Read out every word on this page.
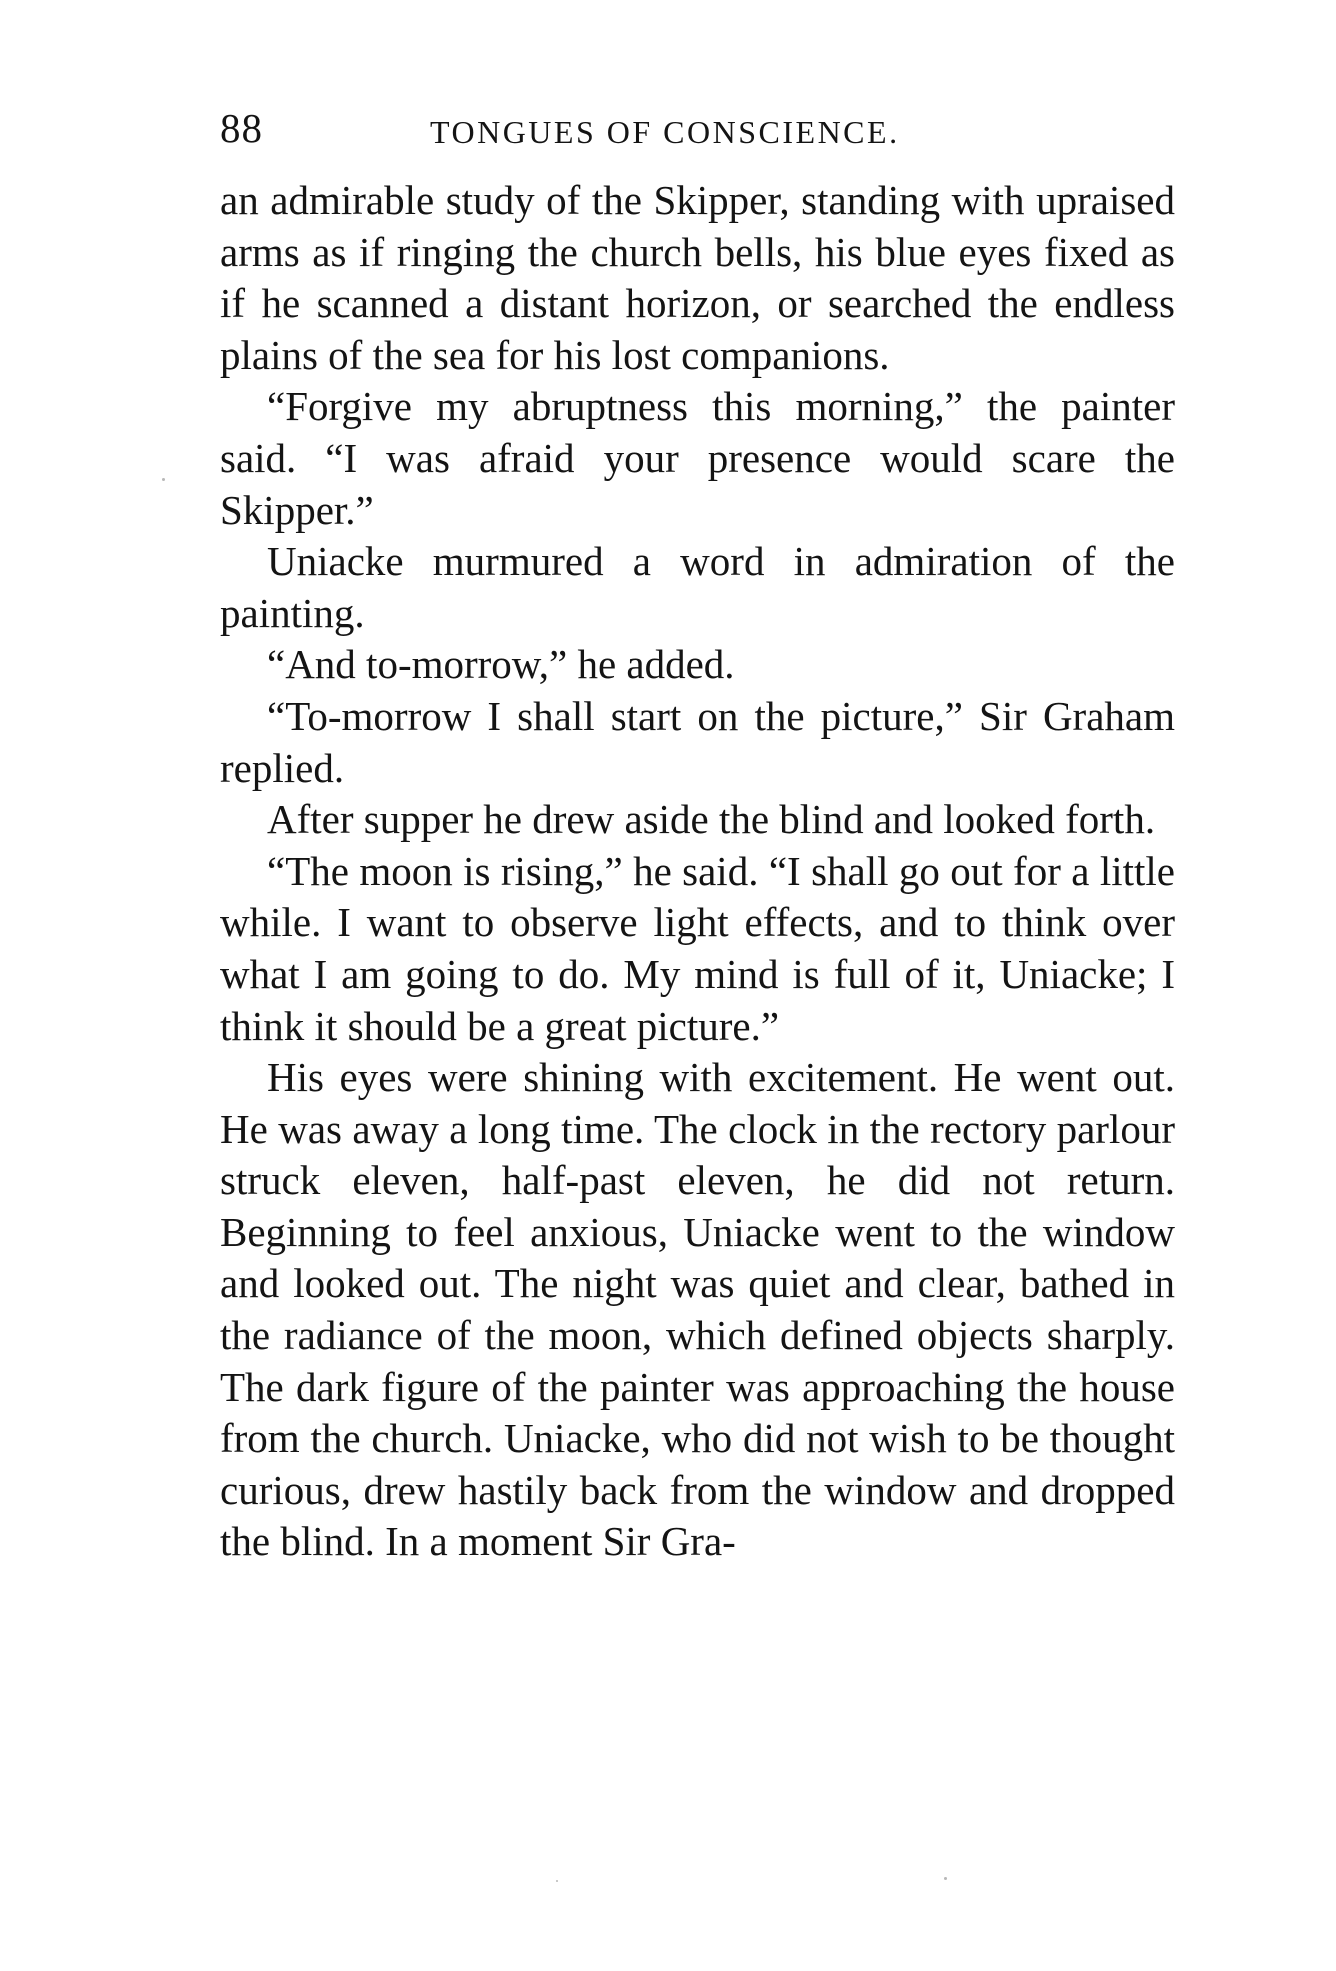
88	TONGUES OF CONSCIENCE.

an admirable study of the Skipper, standing with upraised arms as if ringing the church bells, his blue eyes fixed as if he scanned a distant horizon, or searched the endless plains of the sea for his lost companions.

“Forgive my abruptness this morning,” the painter said. “I was afraid your presence would scare the Skipper.”

Uniacke murmured a word in admiration of the painting.

“And to-morrow,” he added.

“To-morrow I shall start on the picture,” Sir Graham replied.

After supper he drew aside the blind and looked forth.

“The moon is rising,” he said. “I shall go out for a little while. I want to observe light effects, and to think over what I am going to do. My mind is full of it, Uniacke; I think it should be a great picture.”

His eyes were shining with excitement. He went out. He was away a long time. The clock in the rectory parlour struck eleven, half-past eleven, he did not return. Beginning to feel anxious, Uniacke went to the window and looked out. The night was quiet and clear, bathed in the radiance of the moon, which defined objects sharply. The dark figure of the painter was approaching the house from the church. Uniacke, who did not wish to be thought curious, drew hastily back from the window and dropped the blind. In a moment Sir Gra-
